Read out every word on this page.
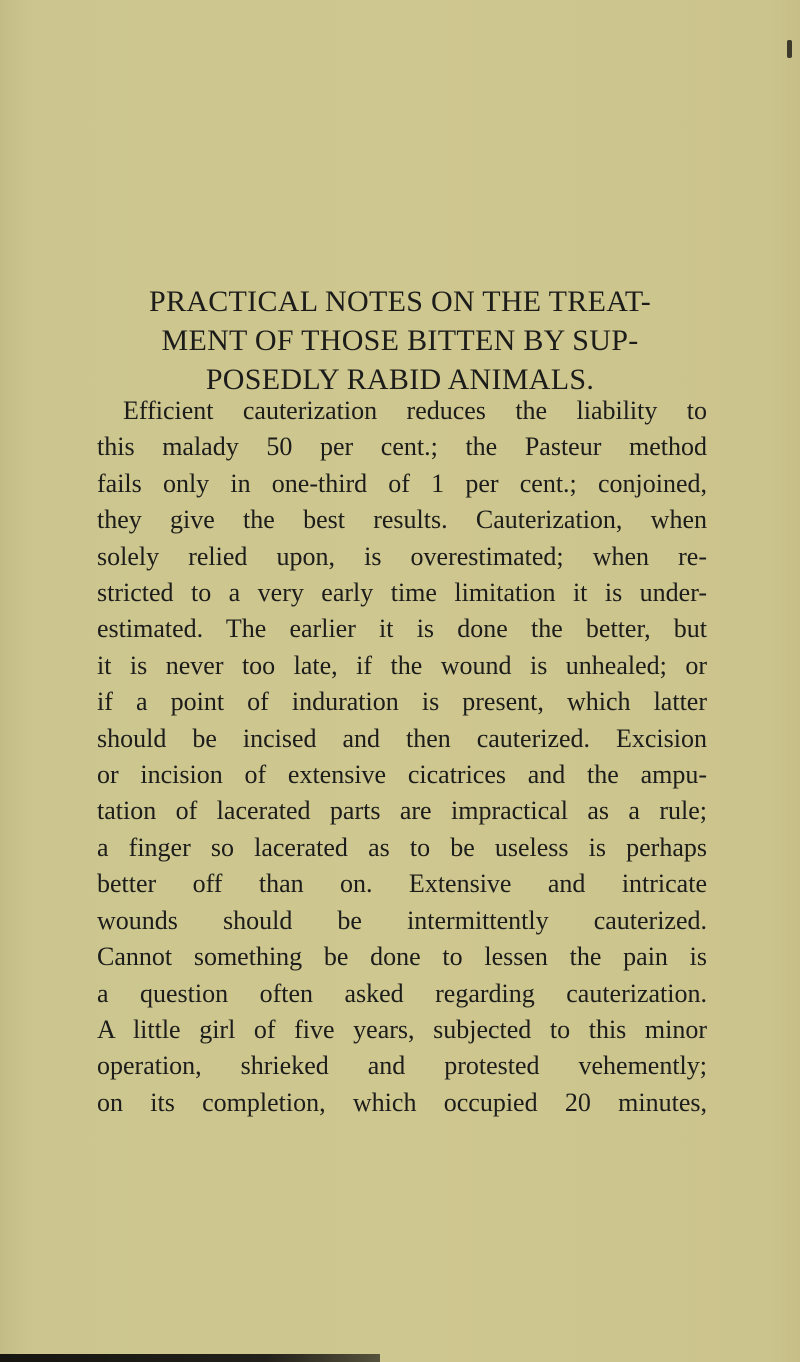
PRACTICAL NOTES ON THE TREAT-
MENT OF THOSE BITTEN BY SUP-
POSEDLY RABID ANIMALS.

Efficient cauterization reduces the liability to
this malady 50 per cent.; the Pasteur method
fails only in one-third of 1 per cent.; conjoined,
they give the best results. Cauterization, when
solely relied upon, is overestimated; when re-
stricted to a very early time limitation it is under-
estimated. The earlier it is done the better, but
it is never too late, if the wound is unhealed; or
if a point of induration is present, which latter
should be incised and then cauterized. Excision
or incision of extensive cicatrices and the ampu-
tation of lacerated parts are impractical as a rule;
a finger so lacerated as to be useless is perhaps
better off than on. Extensive and intricate
wounds should be intermittently cauterized.
Cannot something be done to lessen the pain is
a question often asked regarding cauterization.
A little girl of five years, subjected to this minor
operation, shrieked and protested vehemently;
on its completion, which occupied 20 minutes,
